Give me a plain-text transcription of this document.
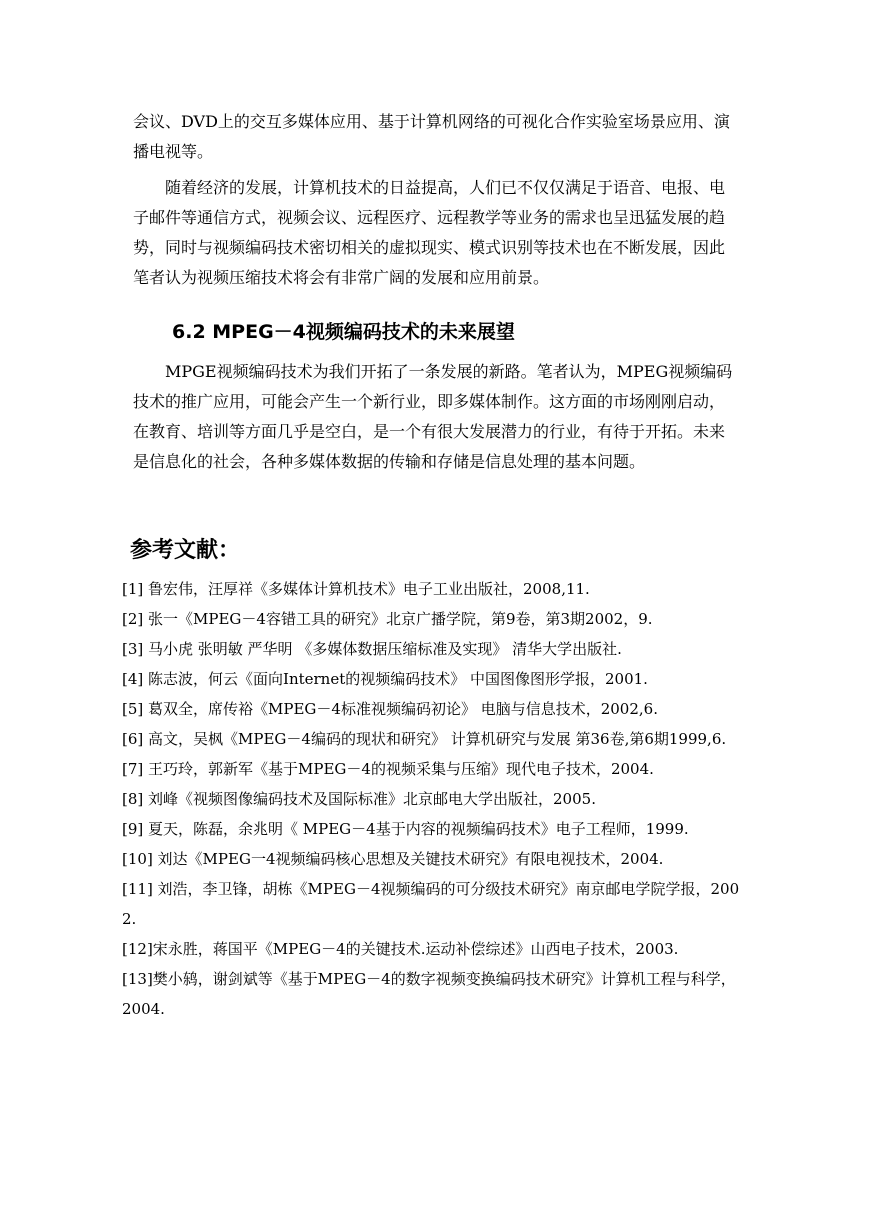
会议、DVD上的交互多媒体应用、基于计算机网络的可视化合作实验室场景应用、演播电视等。

随着经济的发展，计算机技术的日益提高，人们已不仅仅满足于语音、电报、电子邮件等通信方式，视频会议、远程医疗、远程教学等业务的需求也呈迅猛发展的趋势，同时与视频编码技术密切相关的虚拟现实、模式识别等技术也在不断发展，因此笔者认为视频压缩技术将会有非常广阔的发展和应用前景。

6.2 MPEG－4视频编码技术的未来展望

MPGE视频编码技术为我们开拓了一条发展的新路。笔者认为，MPEG视频编码技术的推广应用，可能会产生一个新行业，即多媒体制作。这方面的市场刚刚启动，在教育、培训等方面几乎是空白，是一个有很大发展潜力的行业，有待于开拓。未来是信息化的社会，各种多媒体数据的传输和存储是信息处理的基本问题。

参考文献：
[1] 鲁宏伟，汪厚祥《多媒体计算机技术》电子工业出版社，2008,11.
[2] 张一《MPEG－4容错工具的研究》北京广播学院，第9卷，第3期2002，9.
[3] 马小虎 张明敏 严华明 《多媒体数据压缩标准及实现》 清华大学出版社.
[4] 陈志波，何云《面向Internet的视频编码技术》 中国图像图形学报，2001.
[5] 葛双全，席传裕《MPEG－4标准视频编码初论》 电脑与信息技术，2002,6.
[6] 高文，吴枫《MPEG－4编码的现状和研究》 计算机研究与发展 第36卷,第6期1999,6.
[7] 王巧玲，郭新军《基于MPEG－4的视频采集与压缩》现代电子技术，2004.
[8] 刘峰《视频图像编码技术及国际标准》北京邮电大学出版社，2005.
[9] 夏天，陈磊，余兆明《 MPEG－4基于内容的视频编码技术》电子工程师，1999.
[10] 刘达《MPEG一4视频编码核心思想及关键技术研究》有限电视技术，2004.
[11] 刘浩，李卫锋，胡栋《MPEG－4视频编码的可分级技术研究》南京邮电学院学报，2002.
[12]宋永胜，蒋国平《MPEG－4的关键技术.运动补偿综述》山西电子技术，2003.
[13]樊小鸫，谢剑斌等《基于MPEG－4的数字视频变换编码技术研究》计算机工程与科学，2004.
